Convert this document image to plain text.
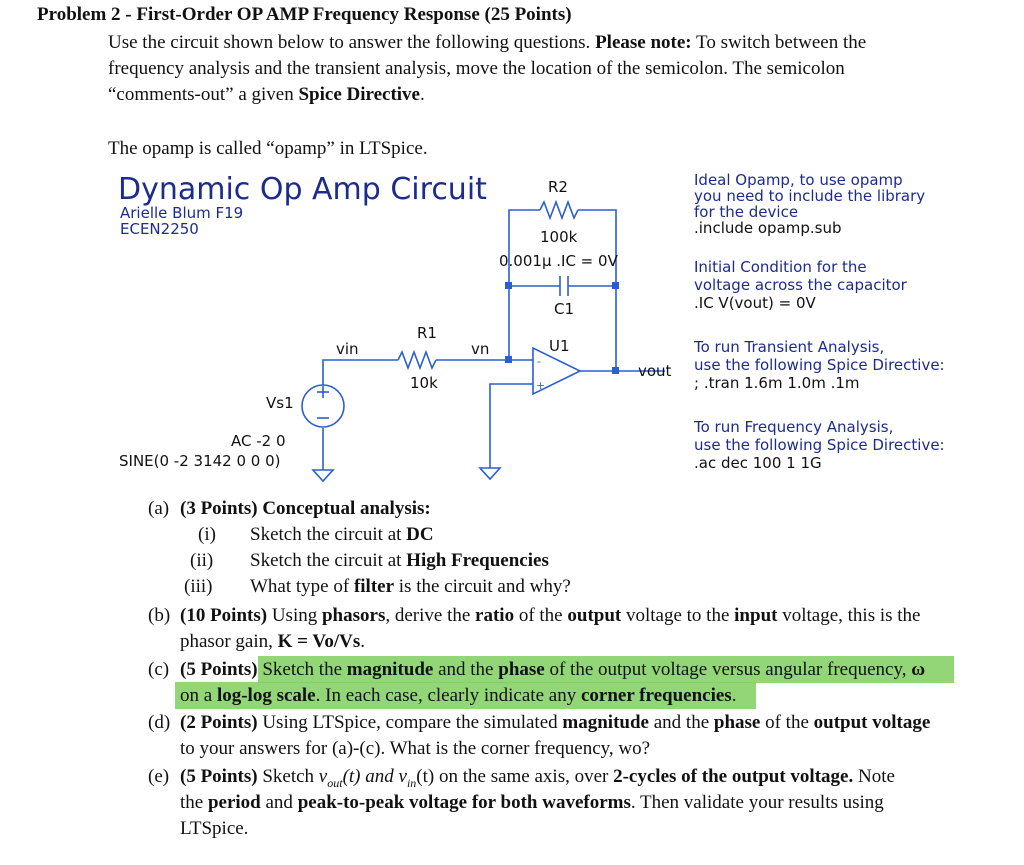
Problem 2 - First-Order OP AMP Frequency Response (25 Points)
Use the circuit shown below to answer the following questions. Please note: To switch between the
frequency analysis and the transient analysis, move the location of the semicolon. The semicolon
“comments-out” a given Spice Directive.
The opamp is called “opamp” in LTSpice.
-
+
Dynamic Op Amp Circuit
Arielle Blum F19
ECEN2250
R2
100k
0.001µ .IC = 0V
C1
U1
R1
10k
vin	vn
vout
Vs1
AC -2 0
SINE(0 -2 3142 0 0 0)
Ideal Opamp, to use opamp
you need to include the library
for the device
.include opamp.sub
Initial Condition for the
voltage across the capacitor
.IC V(vout) = 0V
To run Transient Analysis,
use the following Spice Directive:
; .tran 1.6m 1.0m .1m
To run Frequency Analysis,
use the following Spice Directive:
.ac dec 100 1 1G
(a) (3 Points) Conceptual analysis:
(i) Sketch the circuit at DC
(ii) Sketch the circuit at High Frequencies
(iii) What type of filter is the circuit and why?
(b) (10 Points) Using phasors, derive the ratio of the output voltage to the input voltage, this is the
phasor gain, K = Vo/Vs.
(c) (5 Points) Sketch the magnitude and the phase of the output voltage versus angular frequency, ω
on a log-log scale. In each case, clearly indicate any corner frequencies.
(d) (2 Points) Using LTSpice, compare the simulated magnitude and the phase of the output voltage
to your answers for (a)-(c). What is the corner frequency, wo?
(e) (5 Points) Sketch $v_{out}(t)$ and $v_{in}(t)$ on the same axis, over 2-cycles of the output voltage. Note
the period and peak-to-peak voltage for both waveforms. Then validate your results using
LTSpice.
